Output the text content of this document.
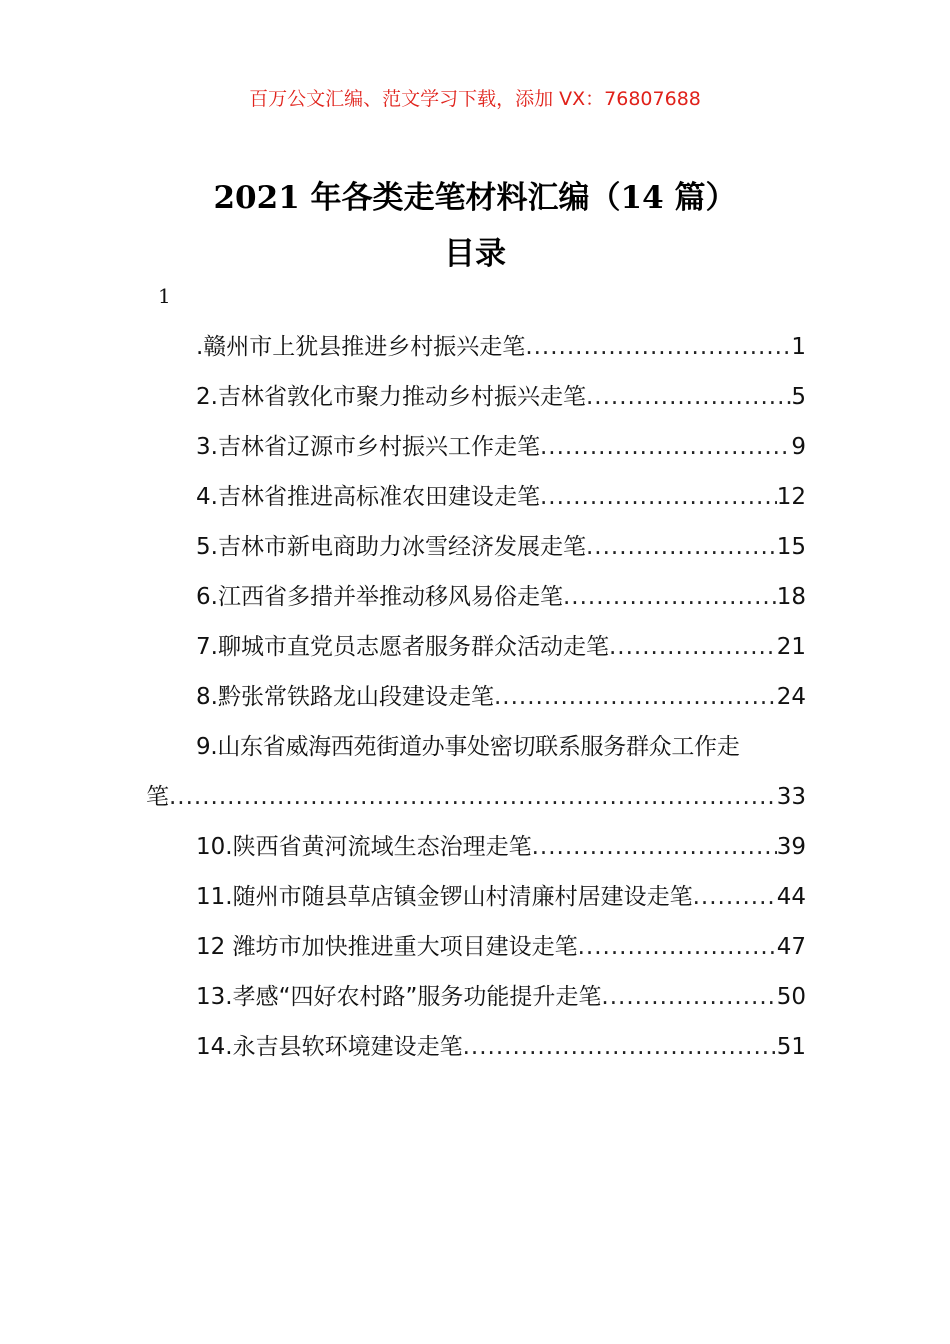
百万公文汇编、范文学习下载，添加 VX：76807688
2021 年各类走笔材料汇编（14 篇）
目录
1
.赣州市上犹县推进乡村振兴走笔 .....	1
2.吉林省敦化市聚力推动乡村振兴走笔 .....	5
3.吉林省辽源市乡村振兴工作走笔 .....	9
4.吉林省推进高标准农田建设走笔 .....	12
5.吉林市新电商助力冰雪经济发展走笔 .....	15
6.江西省多措并举推动移风易俗走笔 .....	18
7.聊城市直党员志愿者服务群众活动走笔 .....	21
8.黔张常铁路龙山段建设走笔 .....	24
9.山东省威海西苑街道办事处密切联系服务群众工作走
笔 .....	33
10.陕西省黄河流域生态治理走笔 .....	39
11.随州市随县草店镇金锣山村清廉村居建设走笔 .....	44
12 潍坊市加快推进重大项目建设走笔 .....	47
13.孝感“四好农村路”服务功能提升走笔 .....	50
14.永吉县软环境建设走笔 .....	51
